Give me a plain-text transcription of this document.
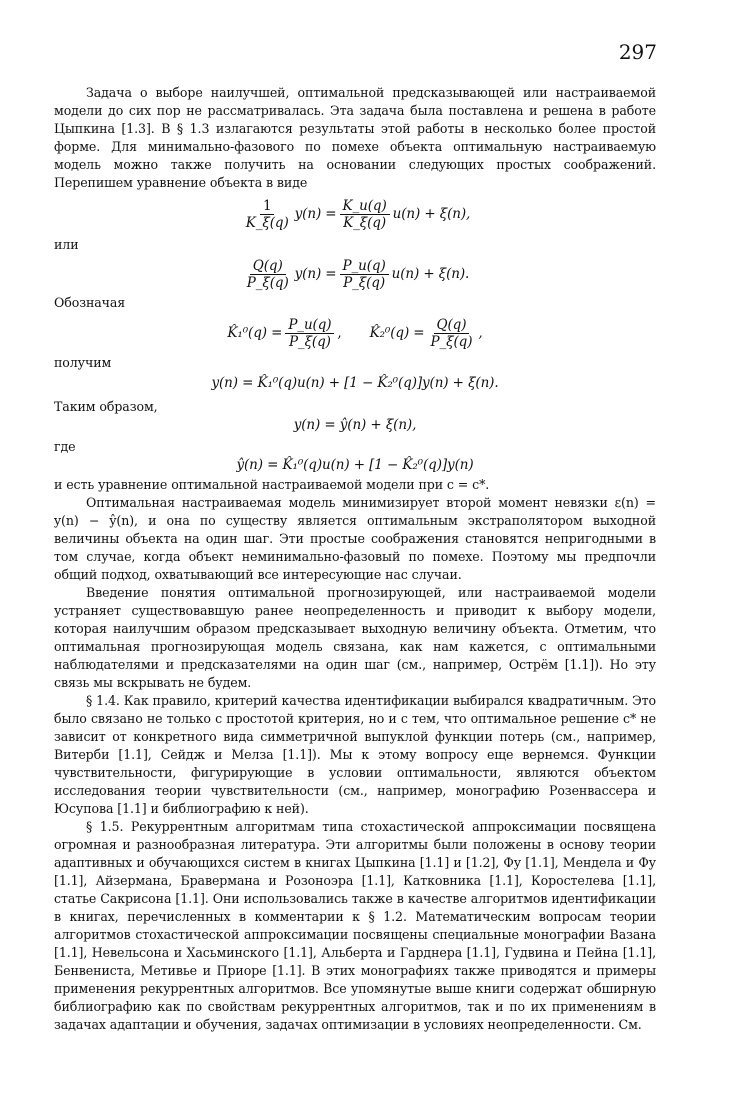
297

Задача о выборе наилучшей, оптимальной предсказывающей или настраиваемой модели до сих пор не рассматривалась. Эта задача была поставлена и решена в работе Цыпкина [1.3]. В § 1.3 излагаются результаты этой работы в несколько более простой форме. Для минимально-фазового по помехе объекта оптимальную настраиваемую модель можно также получить на основании следующих простых соображений. Перепишем уравнение объекта в виде

$\frac{1}{K\_\xi(q)} y(n) = \frac{K\_u(q)}{K\_\xi(q)} u(n) + \xi(n)$,

или

$\frac{Q(q)}{P\_\xi(q)} y(n) = \frac{P\_u(q)}{P\_\xi(q)} u(n) + \xi(n)$.

Обозначая

K̂₁⁰(q) = $\frac{P\_u(q)}{P\_\xi(q)}$ , K̂₂⁰(q) = $\frac{Q(q)}{P\_\xi(q)}$ ,

получим

y(n) = K̂₁⁰(q)u(n) + [1 − K̂₂⁰(q)]y(n) + ξ(n).

Таким образом,

y(n) = ŷ(n) + ξ(n),

где

ŷ(n) = K̂₁⁰(q)u(n) + [1 − K̂₂⁰(q)]y(n)

и есть уравнение оптимальной настраиваемой модели при c = c*.

Оптимальная настраиваемая модель минимизирует второй момент невязки ε(n) = y(n) − ŷ(n), и она по существу является оптимальным экстраполятором выходной величины объекта на один шаг. Эти простые соображения становятся непригодными в том случае, когда объект неминимально-фазовый по помехе. Поэтому мы предпочли общий подход, охватывающий все интересующие нас случаи.

Введение понятия оптимальной прогнозирующей, или настраиваемой модели устраняет существовавшую ранее неопределенность и приводит к выбору модели, которая наилучшим образом предсказывает выходную величину объекта. Отметим, что оптимальная прогнозирующая модель связана, как нам кажется, с оптимальными наблюдателями и предсказателями на один шаг (см., например, Острём [1.1]). Но эту связь мы вскрывать не будем.

§ 1.4. Как правило, критерий качества идентификации выбирался квадратичным. Это было связано не только с простотой критерия, но и с тем, что оптимальное решение c* не зависит от конкретного вида симметричной выпуклой функции потерь (см., например, Витерби [1.1], Сейдж и Мелза [1.1]). Мы к этому вопросу еще вернемся. Функции чувствительности, фигурирующие в условии оптимальности, являются объектом исследования теории чувствительности (см., например, монографию Розенвассера и Юсупова [1.1] и библиографию к ней).

§ 1.5. Рекуррентным алгоритмам типа стохастической аппроксимации посвящена огромная и разнообразная литература. Эти алгоритмы были положены в основу теории адаптивных и обучающихся систем в книгах Цыпкина [1.1] и [1.2], Фу [1.1], Мендела и Фу [1.1], Айзермана, Бравермана и Розоноэра [1.1], Катковника [1.1], Коростелева [1.1], статье Сакрисона [1.1]. Они использовались также в качестве алгоритмов идентификации в книгах, перечисленных в комментарии к § 1.2. Математическим вопросам теории алгоритмов стохастической аппроксимации посвящены специальные монографии Вазана [1.1], Невельсона и Хасьминского [1.1], Альберта и Гарднера [1.1], Гудвина и Пейна [1.1], Бенвениста, Метивье и Приоре [1.1]. В этих монографиях также приводятся и примеры применения рекуррентных алгоритмов. Все упомянутые выше книги содержат обширную библиографию как по свойствам рекуррентных алгоритмов, так и по их применениям в задачах адаптации и обучения, задачах оптимизации в условиях неопределенности. См.
